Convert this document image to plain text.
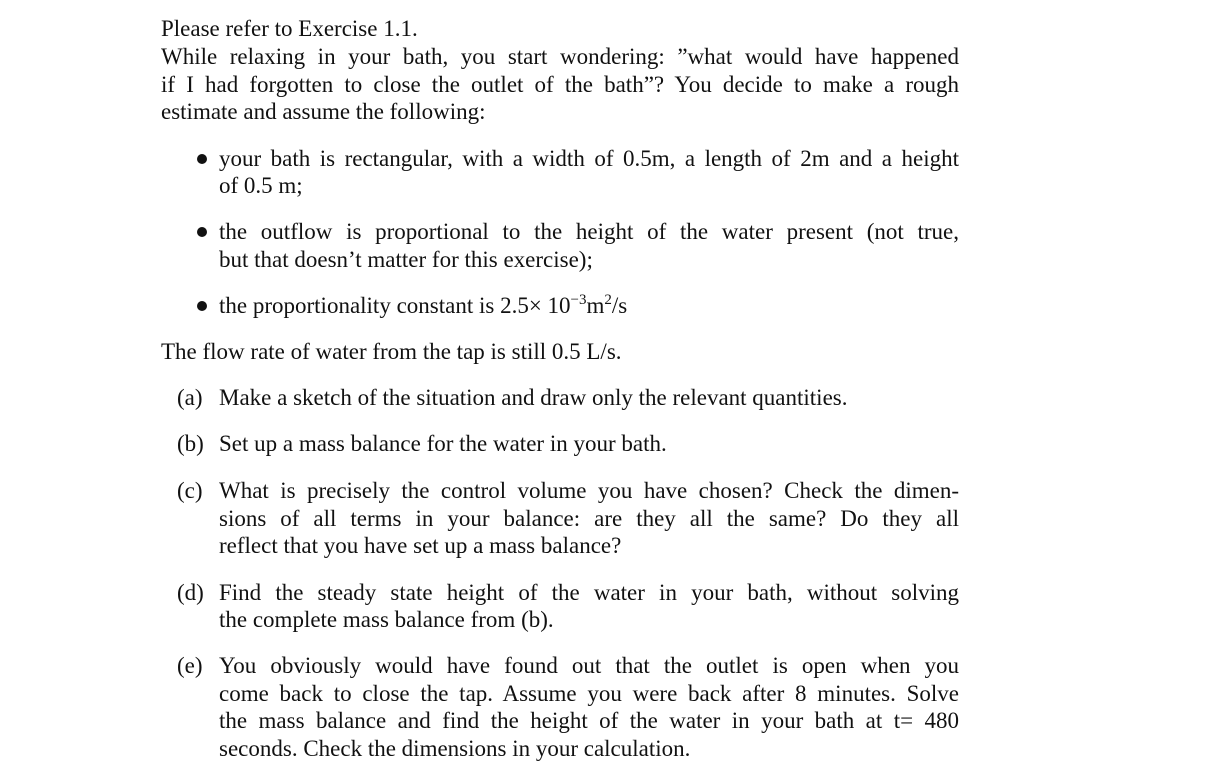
Please refer to Exercise 1.1.
While relaxing in your bath, you start wondering: ”what would have happened
if I had forgotten to close the outlet of the bath”? You decide to make a rough
estimate and assume the following:
your bath is rectangular, with a width of 0.5m, a length of 2m and a height
of 0.5 m;
the outflow is proportional to the height of the water present (not true,
but that doesn’t matter for this exercise);
the proportionality constant is $2.5\times 10^{-3}m^2/s$
The flow rate of water from the tap is still 0.5 L/s.
(a) Make a sketch of the situation and draw only the relevant quantities.
(b) Set up a mass balance for the water in your bath.
(c) What is precisely the control volume you have chosen? Check the dimen-
sions of all terms in your balance: are they all the same? Do they all
reflect that you have set up a mass balance?
(d) Find the steady state height of the water in your bath, without solving
the complete mass balance from (b).
(e) You obviously would have found out that the outlet is open when you
come back to close the tap. Assume you were back after 8 minutes. Solve
the mass balance and find the height of the water in your bath at t= 480
seconds. Check the dimensions in your calculation.
